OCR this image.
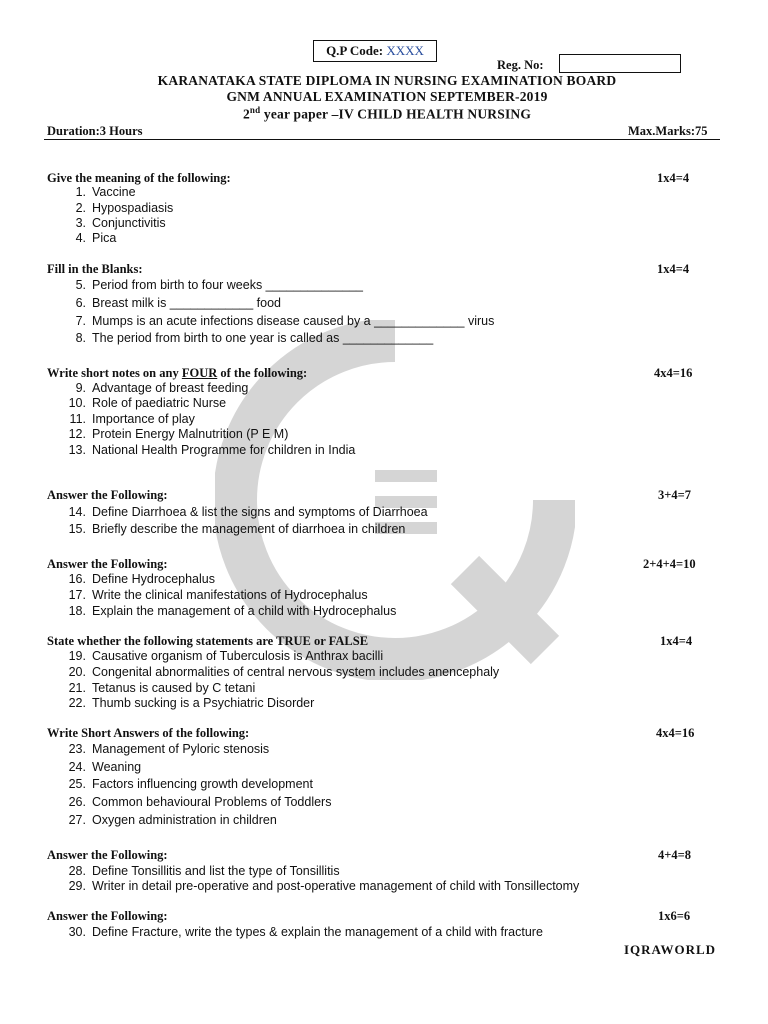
Q.P Code: XXXX
Reg. No:
KARANATAKA STATE DIPLOMA IN NURSING EXAMINATION BOARD
GNM ANNUAL EXAMINATION SEPTEMBER-2019
2nd year paper –IV CHILD HEALTH NURSING
Duration:3 Hours	Max.Marks:75
Give the meaning of the following:	1x4=4
1. Vaccine
2. Hypospadiasis
3. Conjunctivitis
4. Pica
Fill in the Blanks:	1x4=4
5. Period from birth to four weeks ______________
6. Breast milk is ____________ food
7. Mumps is an acute infections disease caused by a _____________ virus
8. The period from birth to one year is called as _____________
Write short notes on any FOUR of the following:	4x4=16
9. Advantage of breast feeding
10. Role of paediatric Nurse
11. Importance of play
12. Protein Energy Malnutrition (P E M)
13. National Health Programme for children in India
Answer the Following:	3+4=7
14. Define Diarrhoea & list the signs and symptoms of Diarrhoea
15. Briefly describe the management of diarrhoea in children
Answer the Following:	2+4+4=10
16. Define Hydrocephalus
17. Write the clinical manifestations of Hydrocephalus
18. Explain the management of a child with Hydrocephalus
State whether the following statements are TRUE or FALSE	1x4=4
19. Causative organism of Tuberculosis is Anthrax bacilli
20. Congenital abnormalities of central nervous system includes anencephaly
21. Tetanus is caused by C tetani
22. Thumb sucking is a Psychiatric Disorder
Write Short Answers of the following:	4x4=16
23. Management of Pyloric stenosis
24. Weaning
25. Factors influencing growth development
26. Common behavioural Problems of Toddlers
27. Oxygen administration in children
Answer the Following:	4+4=8
28. Define Tonsillitis and list the type of Tonsillitis
29. Writer in detail pre-operative and post-operative management of child with Tonsillectomy
Answer the Following:	1x6=6
30. Define Fracture, write the types & explain the management of a child with fracture
IQRAWORLD
